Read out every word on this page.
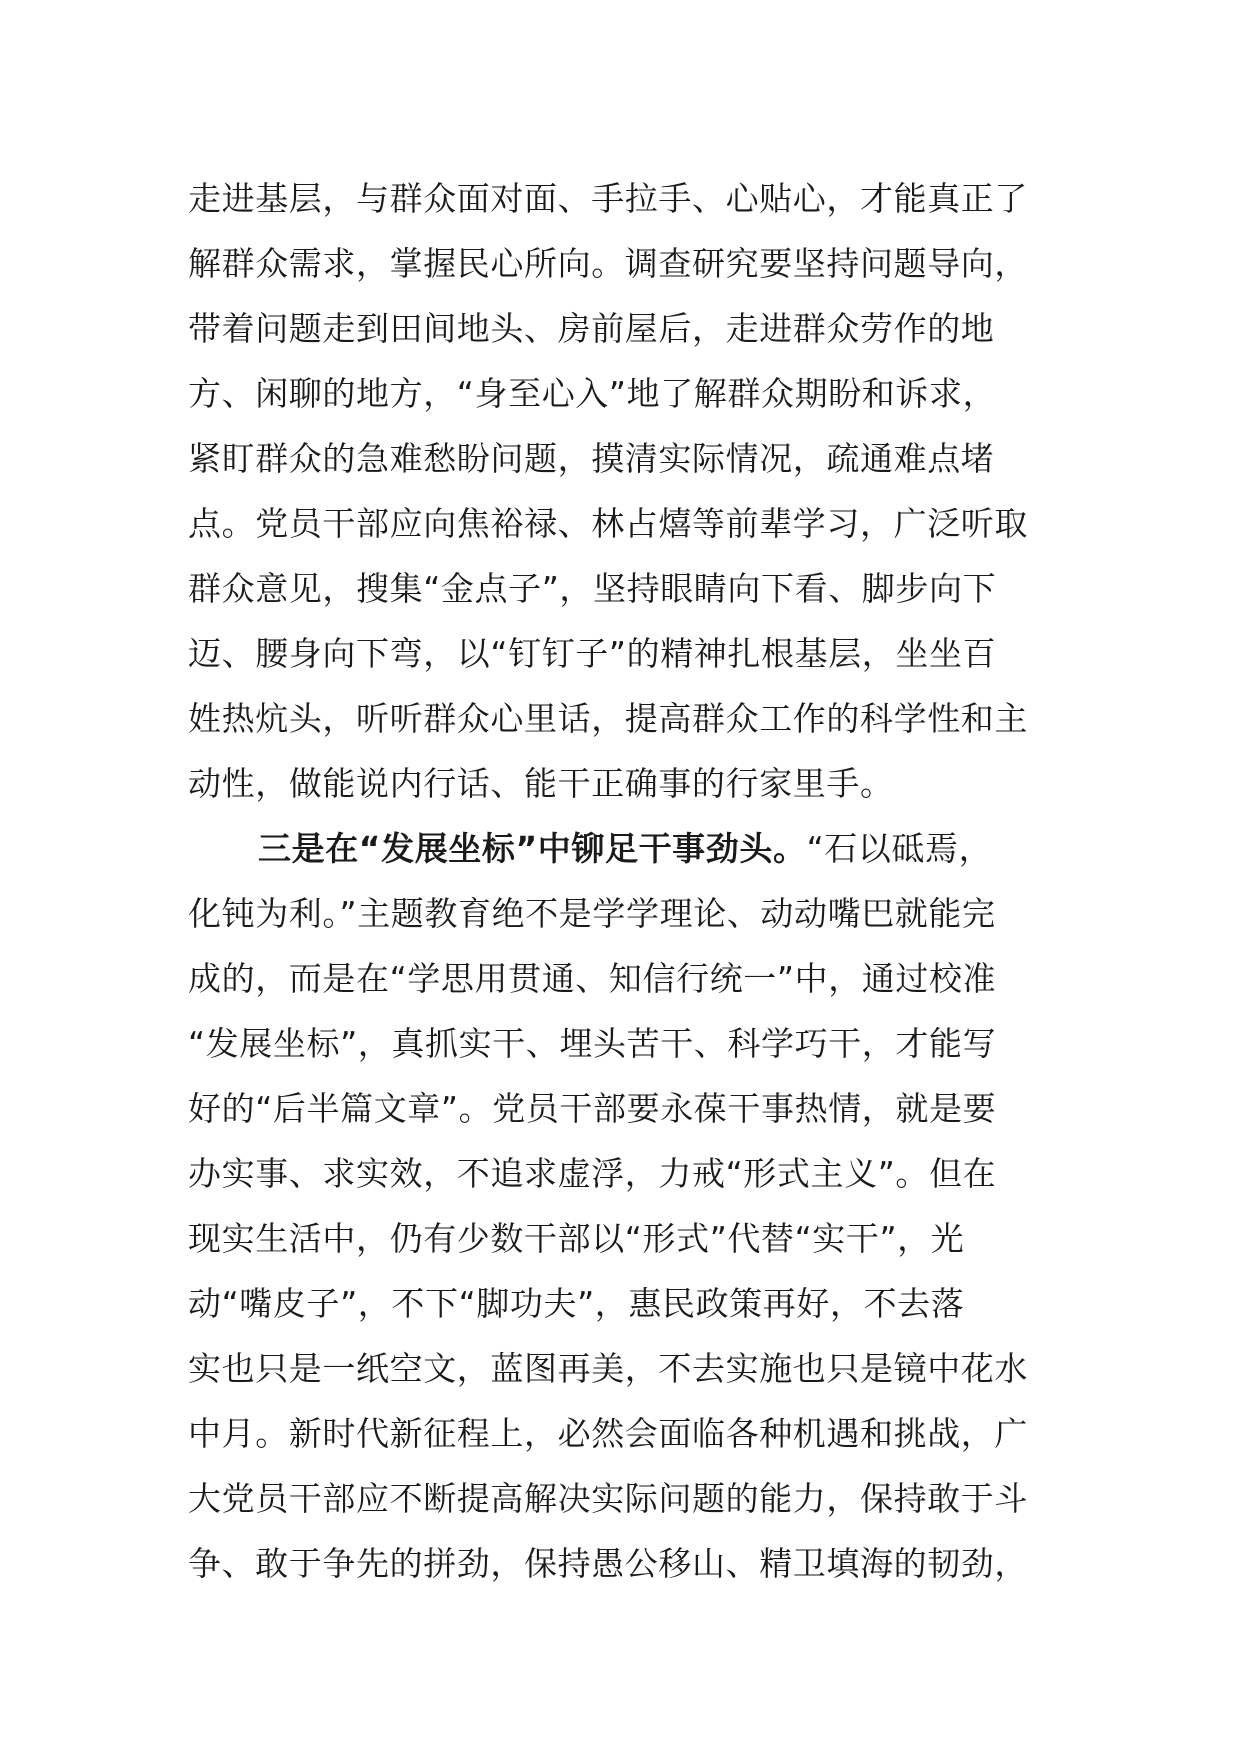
走进基层，与群众面对面、手拉手、心贴心，才能真正了
解群众需求，掌握民心所向。调查研究要坚持问题导向，
带着问题走到田间地头、房前屋后，走进群众劳作的地
方、闲聊的地方，“身至心入”地了解群众期盼和诉求，
紧盯群众的急难愁盼问题，摸清实际情况，疏通难点堵
点。党员干部应向焦裕禄、林占熺等前辈学习，广泛听取
群众意见，搜集“金点子”，坚持眼睛向下看、脚步向下
迈、腰身向下弯，以“钉钉子”的精神扎根基层，坐坐百
姓热炕头，听听群众心里话，提高群众工作的科学性和主
动性，做能说内行话、能干正确事的行家里手。
三是在“发展坐标”中铆足干事劲头。“石以砥焉，
化钝为利。”主题教育绝不是学学理论、动动嘴巴就能完
成的，而是在“学思用贯通、知信行统一”中，通过校准
“发展坐标”，真抓实干、埋头苦干、科学巧干，才能写
好的“后半篇文章”。党员干部要永葆干事热情，就是要
办实事、求实效，不追求虚浮，力戒“形式主义”。但在
现实生活中，仍有少数干部以“形式”代替“实干”，光
动“嘴皮子”，不下“脚功夫”，惠民政策再好，不去落
实也只是一纸空文，蓝图再美，不去实施也只是镜中花水
中月。新时代新征程上，必然会面临各种机遇和挑战，广
大党员干部应不断提高解决实际问题的能力，保持敢于斗
争、敢于争先的拼劲，保持愚公移山、精卫填海的韧劲，
